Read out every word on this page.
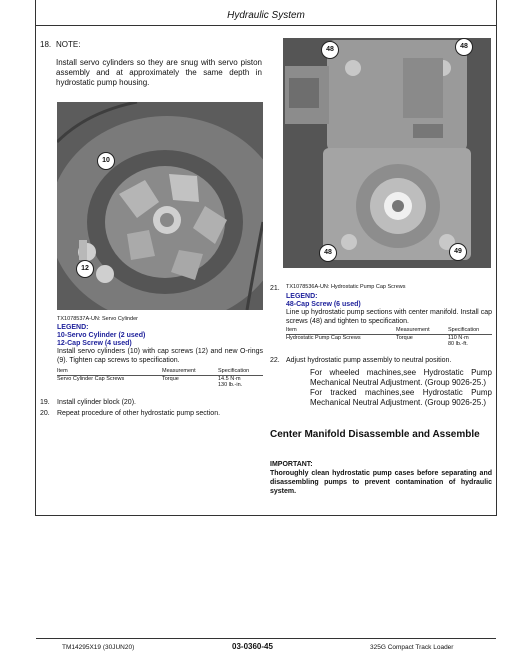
Hydraulic System
18. NOTE:
Install servo cylinders so they are snug with servo piston assembly and at approximately the same depth in hydrostatic pump housing.
10
12
TX1078537A-UN: Servo Cylinder
LEGEND:
10-Servo Cylinder (2 used)
12-Cap Screw (4 used)
Install servo cylinders (10) with cap screws (12) and new O-rings (9). Tighten cap screws to specification.
Item	Measurement	Specification
Servo Cylinder Cap Screws	Torque	14.5 N·m
130 lb.-in.
19. Install cylinder block (20).
20. Repeat procedure of other hydrostatic pump section.
48	48
48	49
21. TX1078536A-UN: Hydrostatic Pump Cap Screws
LEGEND:
48-Cap Screw (6 used)
Line up hydrostatic pump sections with center manifold. Install cap screws (48) and tighten to specification.
Item	Measurement	Specification
Hydrostatic Pump Cap Screws	Torque	110 N·m
80 lb.-ft.
22. Adjust hydrostatic pump assembly to neutral position.
For wheeled machines,see Hydrostatic Pump Mechanical Neutral Adjustment. (Group 9026-25.)
For tracked machines,see Hydrostatic Pump Mechanical Neutral Adjustment. (Group 9026-25.)
Center Manifold Disassemble and Assemble
IMPORTANT:
Thoroughly clean hydrostatic pump cases before separating and disassembling pumps to prevent contamination of hydraulic system.
TM14295X19 (30JUN20)	03-0360-45	325G Compact Track Loader
